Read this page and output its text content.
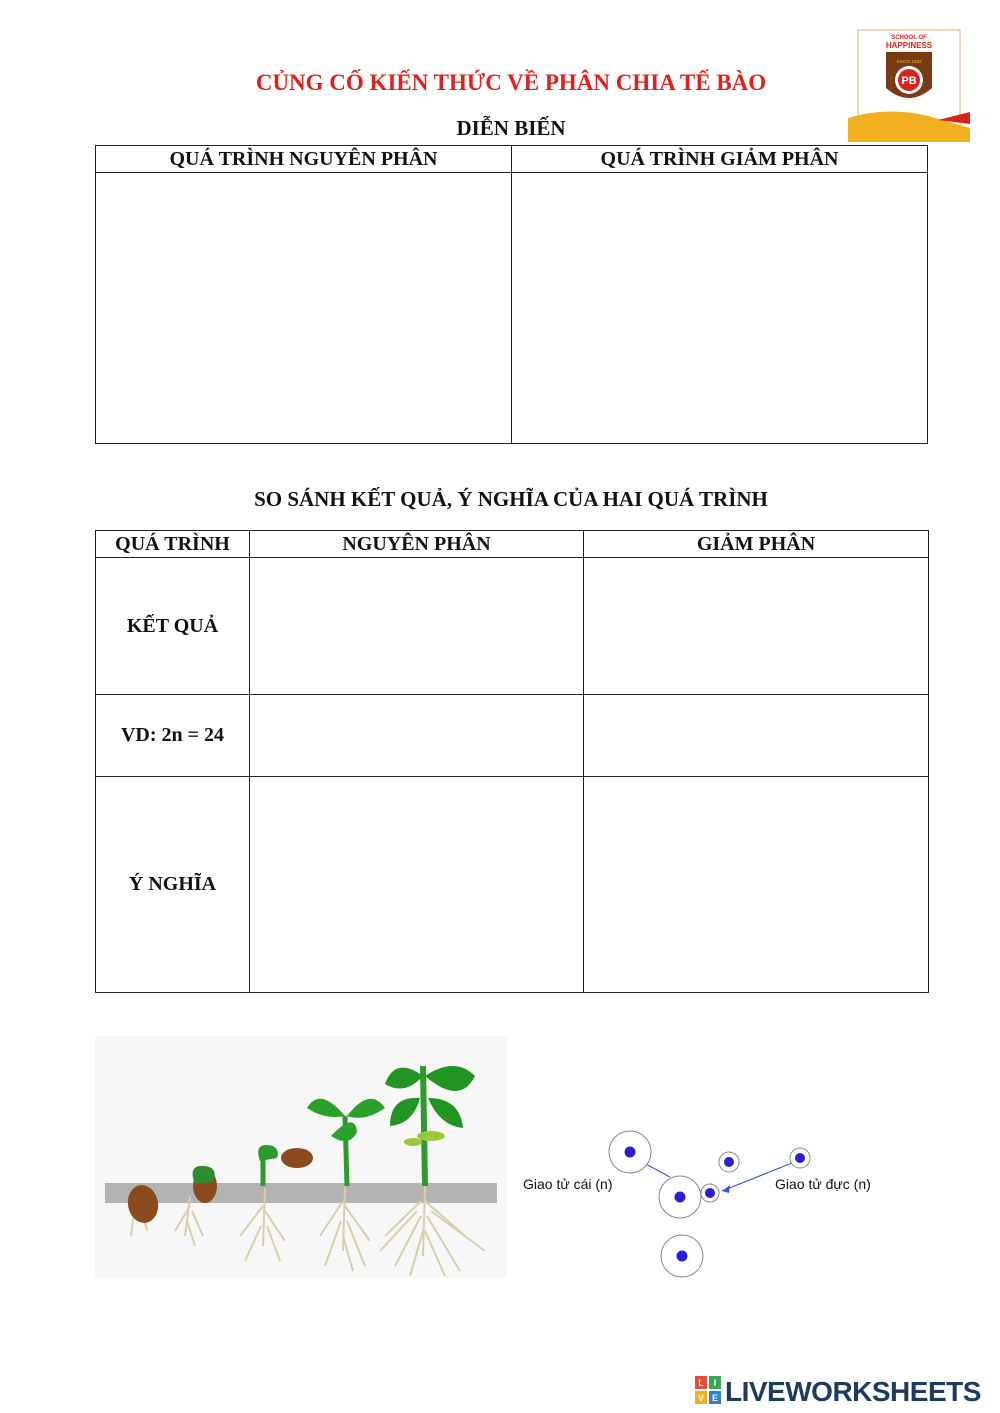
CỦNG CỐ KIẾN THỨC VỀ PHÂN CHIA TẾ BÀO
SCHOOL OF
HAPPINESS
PB
SINCE 1993
DIỄN BIẾN
QUÁ TRÌNH NGUYÊN PHÂN	QUÁ TRÌNH GIẢM PHÂN

SO SÁNH KẾT QUẢ, Ý NGHĨA CỦA HAI QUÁ TRÌNH
QUÁ TRÌNH	NGUYÊN PHÂN	GIẢM PHÂN
KẾT QUẢ		
VD: 2n = 24		
Ý NGHĨA		
Giao tử cái (n)	Giao tử đực (n)
L I
V E LIVEWORKSHEETS
